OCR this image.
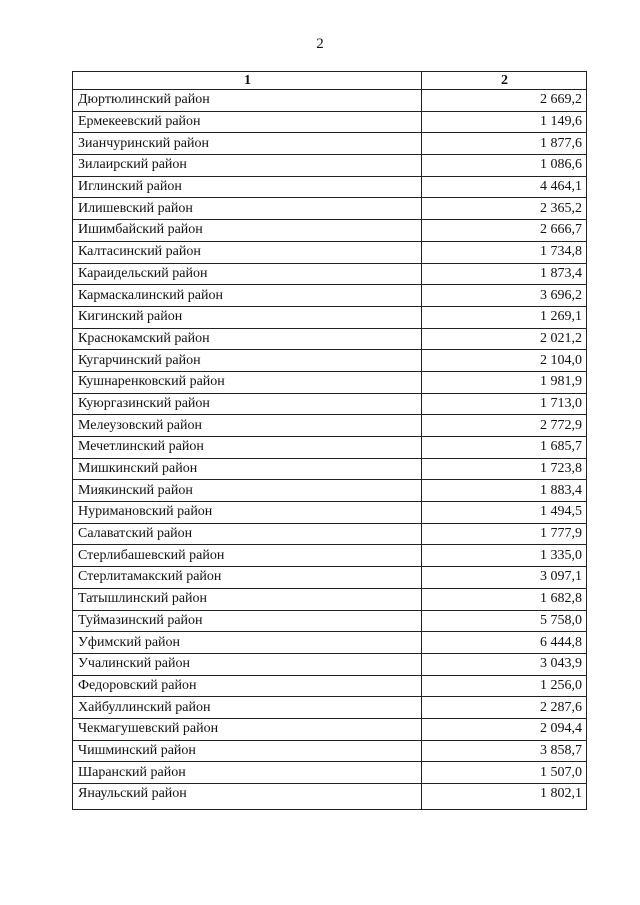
2
1	2
Дюртюлинский район	2 669,2
Ермекеевский район	1 149,6
Зианчуринский район	1 877,6
Зилаирский район	1 086,6
Иглинский район	4 464,1
Илишевский район	2 365,2
Ишимбайский район	2 666,7
Калтасинский район	1 734,8
Караидельский район	1 873,4
Кармаскалинский район	3 696,2
Кигинский район	1 269,1
Краснокамский район	2 021,2
Кугарчинский район	2 104,0
Кушнаренковский район	1 981,9
Куюргазинский район	1 713,0
Мелеузовский район	2 772,9
Мечетлинский район	1 685,7
Мишкинский район	1 723,8
Миякинский район	1 883,4
Нуримановский район	1 494,5
Салаватский район	1 777,9
Стерлибашевский район	1 335,0
Стерлитамакский район	3 097,1
Татышлинский район	1 682,8
Туймазинский район	5 758,0
Уфимский район	6 444,8
Учалинский район	3 043,9
Федоровский район	1 256,0
Хайбуллинский район	2 287,6
Чекмагушевский район	2 094,4
Чишминский район	3 858,7
Шаранский район	1 507,0
Янаульский район	1 802,1
